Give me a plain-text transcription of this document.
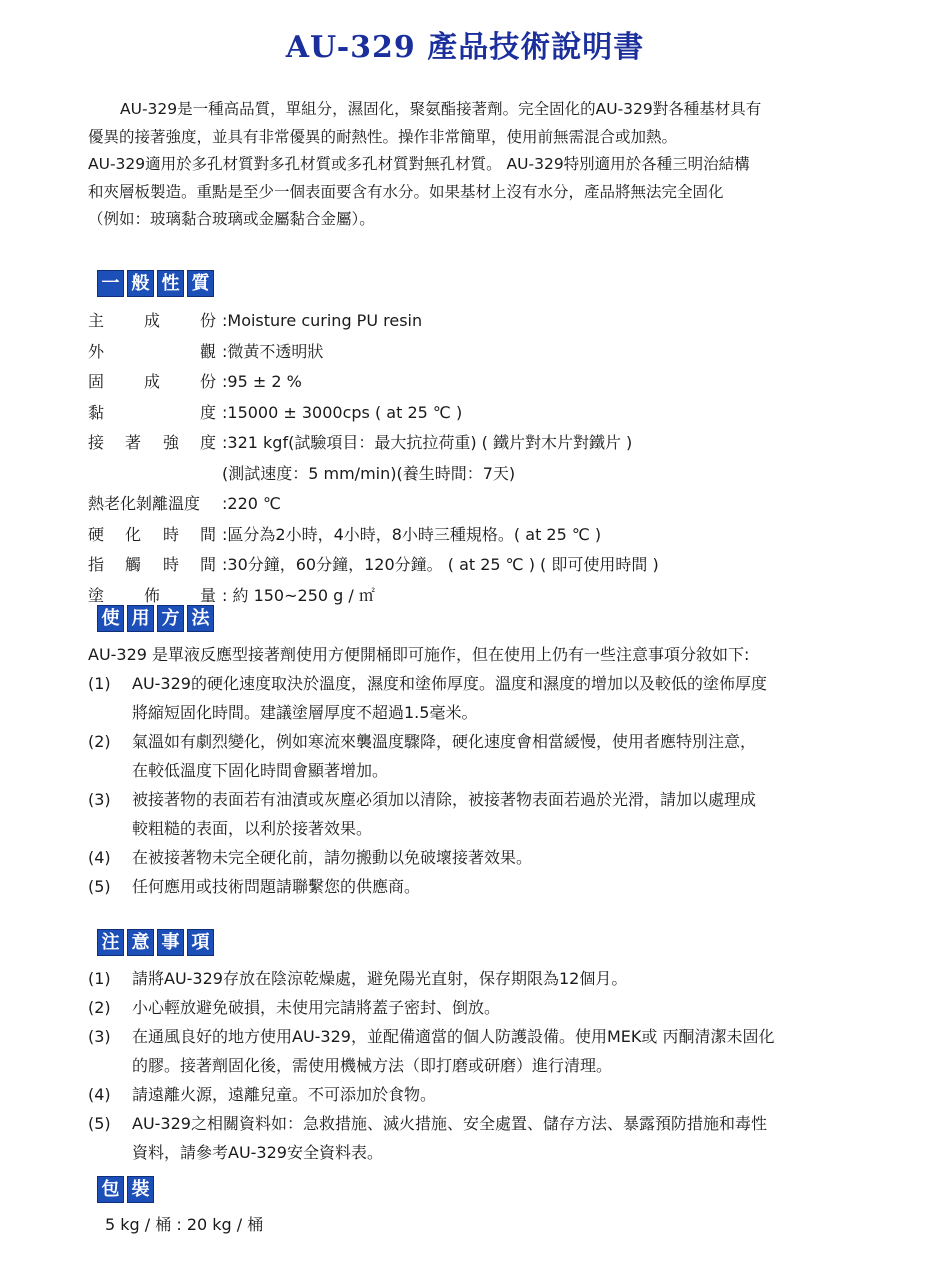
AU-329 產品技術說明書

AU-329是一種高品質，單組分，濕固化，聚氨酯接著劑。完全固化的AU-329對各種基材具有

優異的接著強度，並具有非常優異的耐熱性。操作非常簡單，使用前無需混合或加熱。

AU-329適用於多孔材質對多孔材質或多孔材質對無孔材質。 AU-329特別適用於各種三明治結構

和夾層板製造。重點是至少一個表面要含有水分。如果基材上沒有水分，產品將無法完全固化

（例如：玻璃黏合玻璃或金屬黏合金屬）。

一 般 性 質
主 成 份 :Moisture curing PU resin
外	觀 :微黃不透明狀
固 成 份 :95 ± 2 %
黏	度 :15000 ± 3000cps ( at 25 ℃ )
接 著 強 度 :321 kgf(試驗項目：最大抗拉荷重) ( 鐵片對木片對鐵片 )
(測試速度：5 mm/min)(養生時間：7天)
熱老化剝離溫度 :220 ℃
硬 化 時 間 :區分為2小時，4小時，8小時三種規格。( at 25 ℃ )
指 觸 時 間 :30分鐘，60分鐘，120分鐘。 ( at 25 ℃ ) ( 即可使用時間 )
塗 佈 量 : 約 150~250 g / ㎡
使 用 方 法

AU-329 是單液反應型接著劑使用方便開桶即可施作，但在使用上仍有一些注意事項分敘如下:

(1) AU-329的硬化速度取決於溫度，濕度和塗佈厚度。溫度和濕度的增加以及較低的塗佈厚度

將縮短固化時間。建議塗層厚度不超過1.5毫米。

(2) 氣溫如有劇烈變化，例如寒流來襲溫度驟降，硬化速度會相當緩慢，使用者應特別注意，

在較低溫度下固化時間會顯著增加。

(3) 被接著物的表面若有油漬或灰塵必須加以清除，被接著物表面若過於光滑，請加以處理成

較粗糙的表面，以利於接著效果。

(4) 在被接著物未完全硬化前，請勿搬動以免破壞接著效果。

(5) 任何應用或技術問題請聯繫您的供應商。

注 意 事 項

(1) 請將AU-329存放在陰涼乾燥處，避免陽光直射，保存期限為12個月。

(2) 小心輕放避免破損，未使用完請將蓋子密封、倒放。

(3) 在通風良好的地方使用AU-329，並配備適當的個人防護設備。使用MEK或 丙酮清潔未固化

的膠。接著劑固化後，需使用機械方法（即打磨或研磨）進行清理。

(4) 請遠離火源，遠離兒童。不可添加於食物。

(5) AU-329之相關資料如：急救措施、滅火措施、安全處置、儲存方法、暴露預防措施和毒性

資料，請參考AU-329安全資料表。

包 裝
5 kg / 桶 : 20 kg / 桶
